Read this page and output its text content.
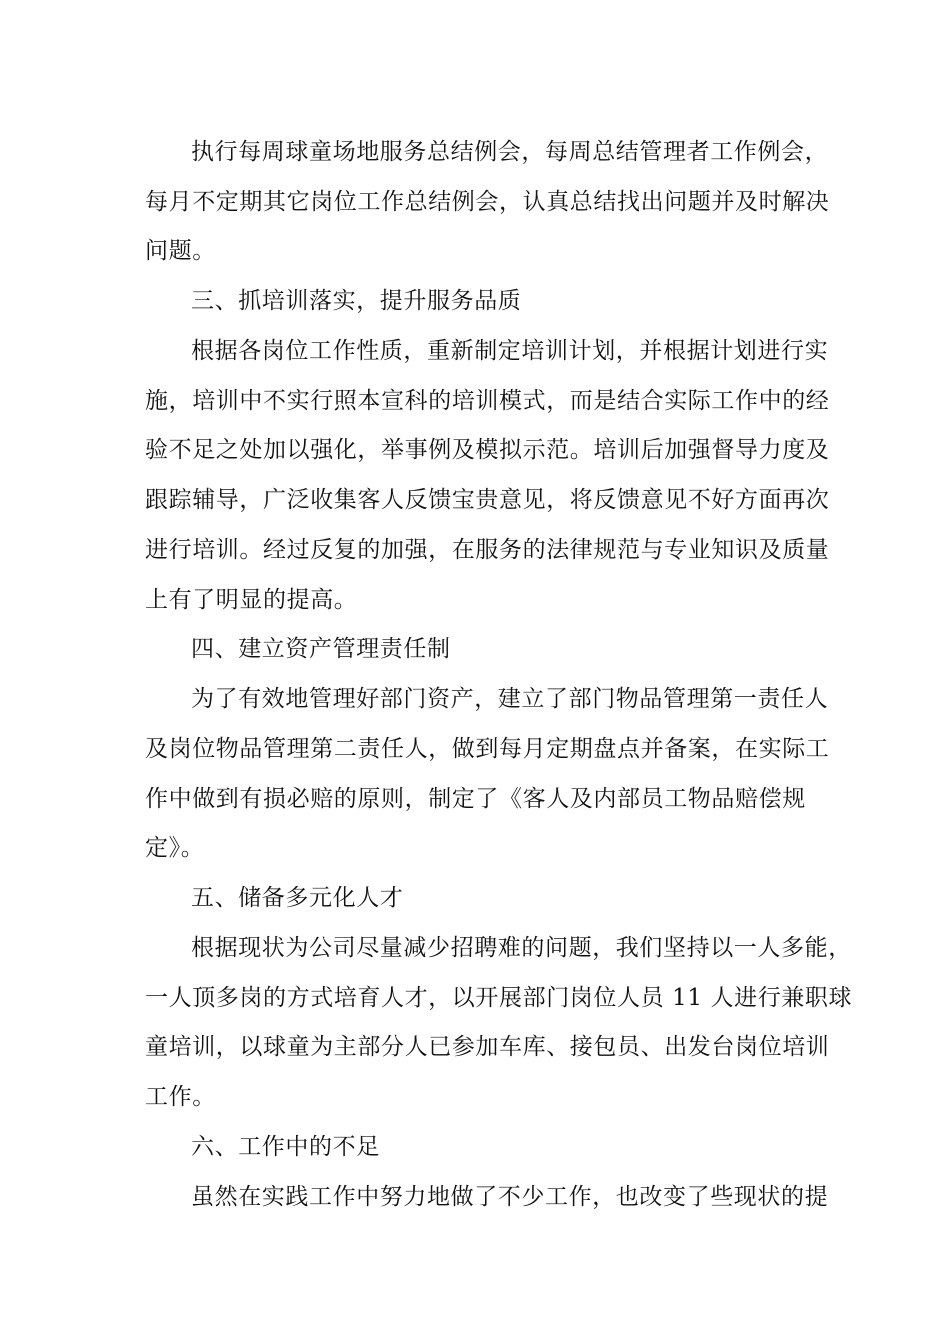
执行每周球童场地服务总结例会，每周总结管理者工作例会，
每月不定期其它岗位工作总结例会，认真总结找出问题并及时解决
问题。
三、抓培训落实，提升服务品质
根据各岗位工作性质，重新制定培训计划，并根据计划进行实
施，培训中不实行照本宣科的培训模式，而是结合实际工作中的经
验不足之处加以强化，举事例及模拟示范。培训后加强督导力度及
跟踪辅导，广泛收集客人反馈宝贵意见，将反馈意见不好方面再次
进行培训。经过反复的加强，在服务的法律规范与专业知识及质量
上有了明显的提高。
四、建立资产管理责任制
为了有效地管理好部门资产，建立了部门物品管理第一责任人
及岗位物品管理第二责任人，做到每月定期盘点并备案，在实际工
作中做到有损必赔的原则，制定了《客人及内部员工物品赔偿规
定》。
五、储备多元化人才
根据现状为公司尽量减少招聘难的问题，我们坚持以一人多能，
一人顶多岗的方式培育人才，以开展部门岗位人员 11 人进行兼职球
童培训，以球童为主部分人已参加车库、接包员、出发台岗位培训
工作。
六、工作中的不足
虽然在实践工作中努力地做了不少工作，也改变了些现状的提
